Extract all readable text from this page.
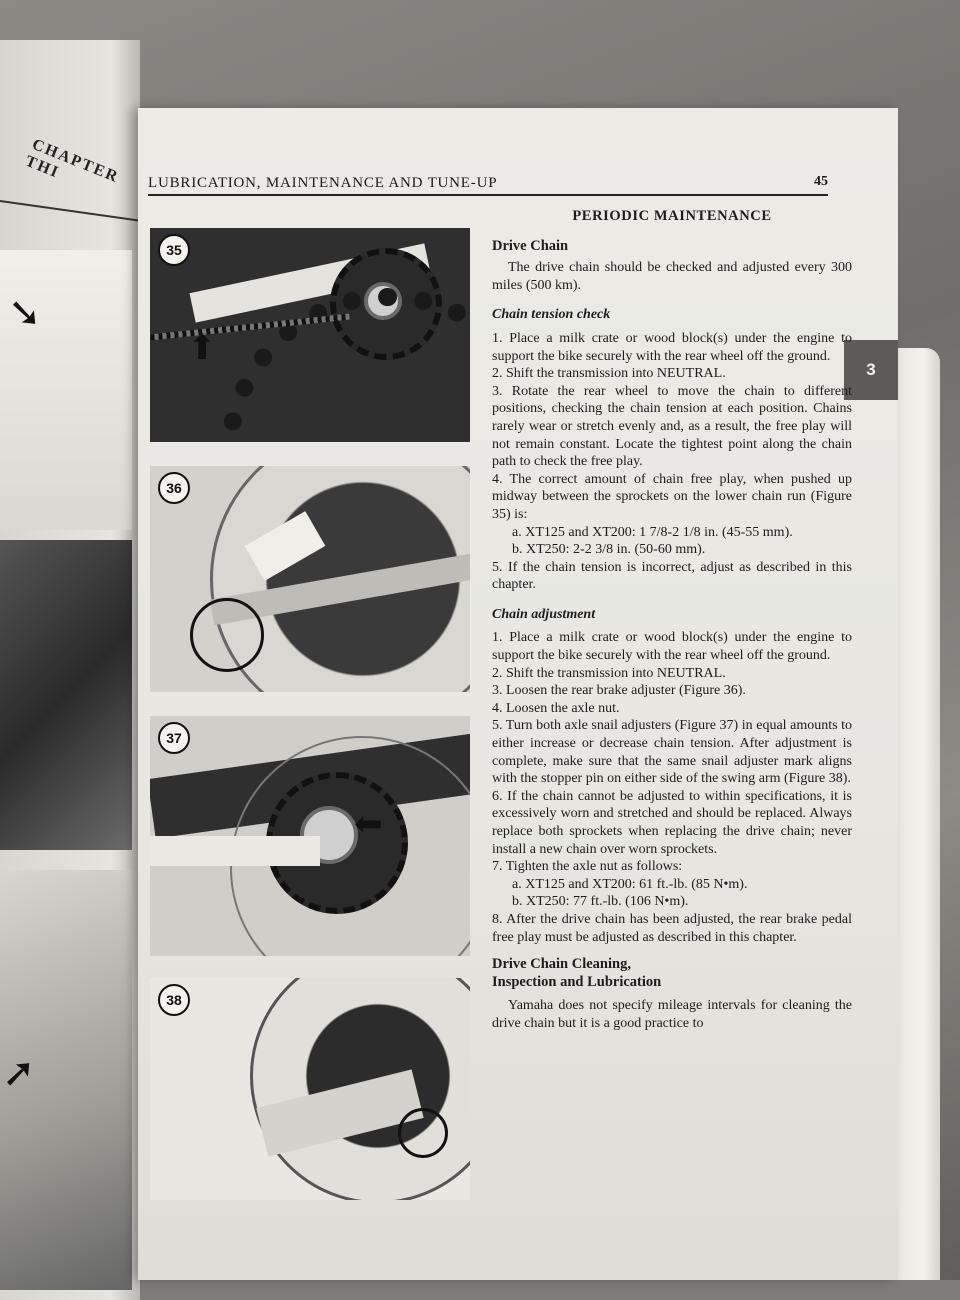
CHAPTER THI
➘
➚
LUBRICATION, MAINTENANCE AND TUNE-UP	45
3
35
⬆
36
37
⬅
38
PERIODIC MAINTENANCE
Drive Chain

The drive chain should be checked and adjusted every 300 miles (500 km).

Chain tension check
1. Place a milk crate or wood block(s) under the engine to support the bike securely with the rear wheel off the ground.
2. Shift the transmission into NEUTRAL.
3. Rotate the rear wheel to move the chain to different positions, checking the chain tension at each position. Chains rarely wear or stretch evenly and, as a result, the free play will not remain constant. Locate the tightest point along the chain path to check the free play.
4. The correct amount of chain free play, when pushed up midway between the sprockets on the lower chain run (Figure 35) is:
a. XT125 and XT200: 1 7/8-2 1/8 in. (45-55 mm).
b. XT250: 2-2 3/8 in. (50-60 mm).
5. If the chain tension is incorrect, adjust as described in this chapter.
Chain adjustment
1. Place a milk crate or wood block(s) under the engine to support the bike securely with the rear wheel off the ground.
2. Shift the transmission into NEUTRAL.
3. Loosen the rear brake adjuster (Figure 36).
4. Loosen the axle nut.
5. Turn both axle snail adjusters (Figure 37) in equal amounts to either increase or decrease chain tension. After adjustment is complete, make sure that the same snail adjuster mark aligns with the stopper pin on either side of the swing arm (Figure 38).
6. If the chain cannot be adjusted to within specifications, it is excessively worn and stretched and should be replaced. Always replace both sprockets when replacing the drive chain; never install a new chain over worn sprockets.
7. Tighten the axle nut as follows:
a. XT125 and XT200: 61 ft.-lb. (85 N•m).
b. XT250: 77 ft.-lb. (106 N•m).
8. After the drive chain has been adjusted, the rear brake pedal free play must be adjusted as described in this chapter.
Drive Chain Cleaning,
Inspection and Lubrication

Yamaha does not specify mileage intervals for cleaning the drive chain but it is a good practice to
